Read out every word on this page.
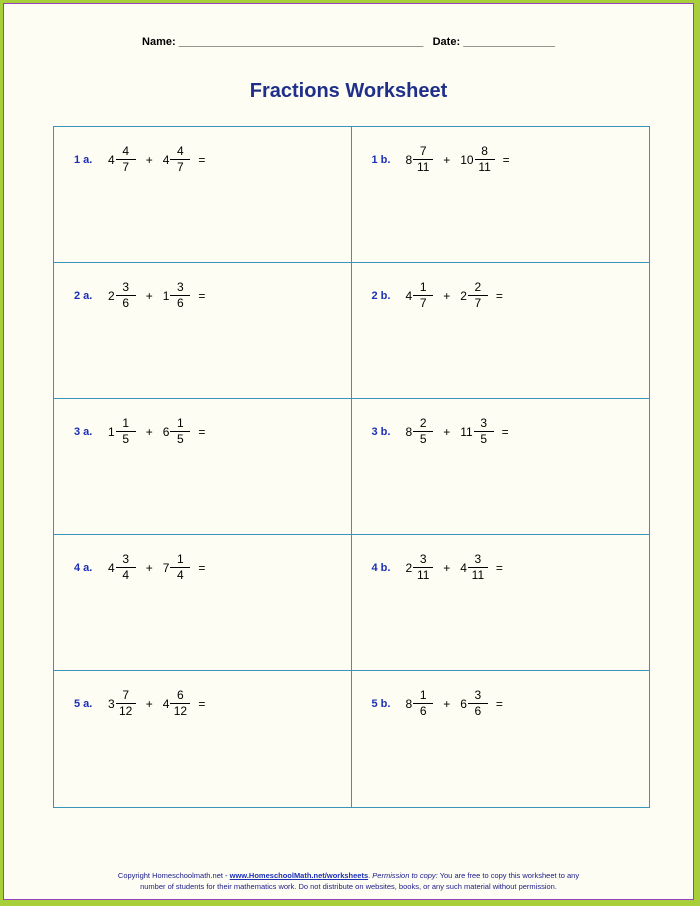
Name: ________________________________________ Date: _______________
Fractions Worksheet
1 a.	$4 \frac{4}{7} + 4 \frac{4}{7}$ =	1 b.	$8 \frac{7}{11} + 10 \frac{8}{11}$ =
2 a.	$2 \frac{3}{6} + 1 \frac{3}{6}$ =	2 b.	$4 \frac{1}{7} + 2 \frac{2}{7}$ =
3 a.	$1 \frac{1}{5} + 6 \frac{1}{5}$ =	3 b.	$8 \frac{2}{5} + 11 \frac{3}{5}$ =
4 a.	$4 \frac{3}{4} + 7 \frac{1}{4}$ =	4 b.	$2 \frac{3}{11} + 4 \frac{3}{11}$ =
5 a.	$3 \frac{7}{12} + 4 \frac{6}{12}$ =	5 b.	$8 \frac{1}{6} + 6 \frac{3}{6}$ =
Copyright Homeschoolmath.net - www.HomeschoolMath.net/worksheets. Permission to copy: You are free to copy this worksheet to any
number of students for their mathematics work. Do not distribute on websites, books, or any such material without permission.
